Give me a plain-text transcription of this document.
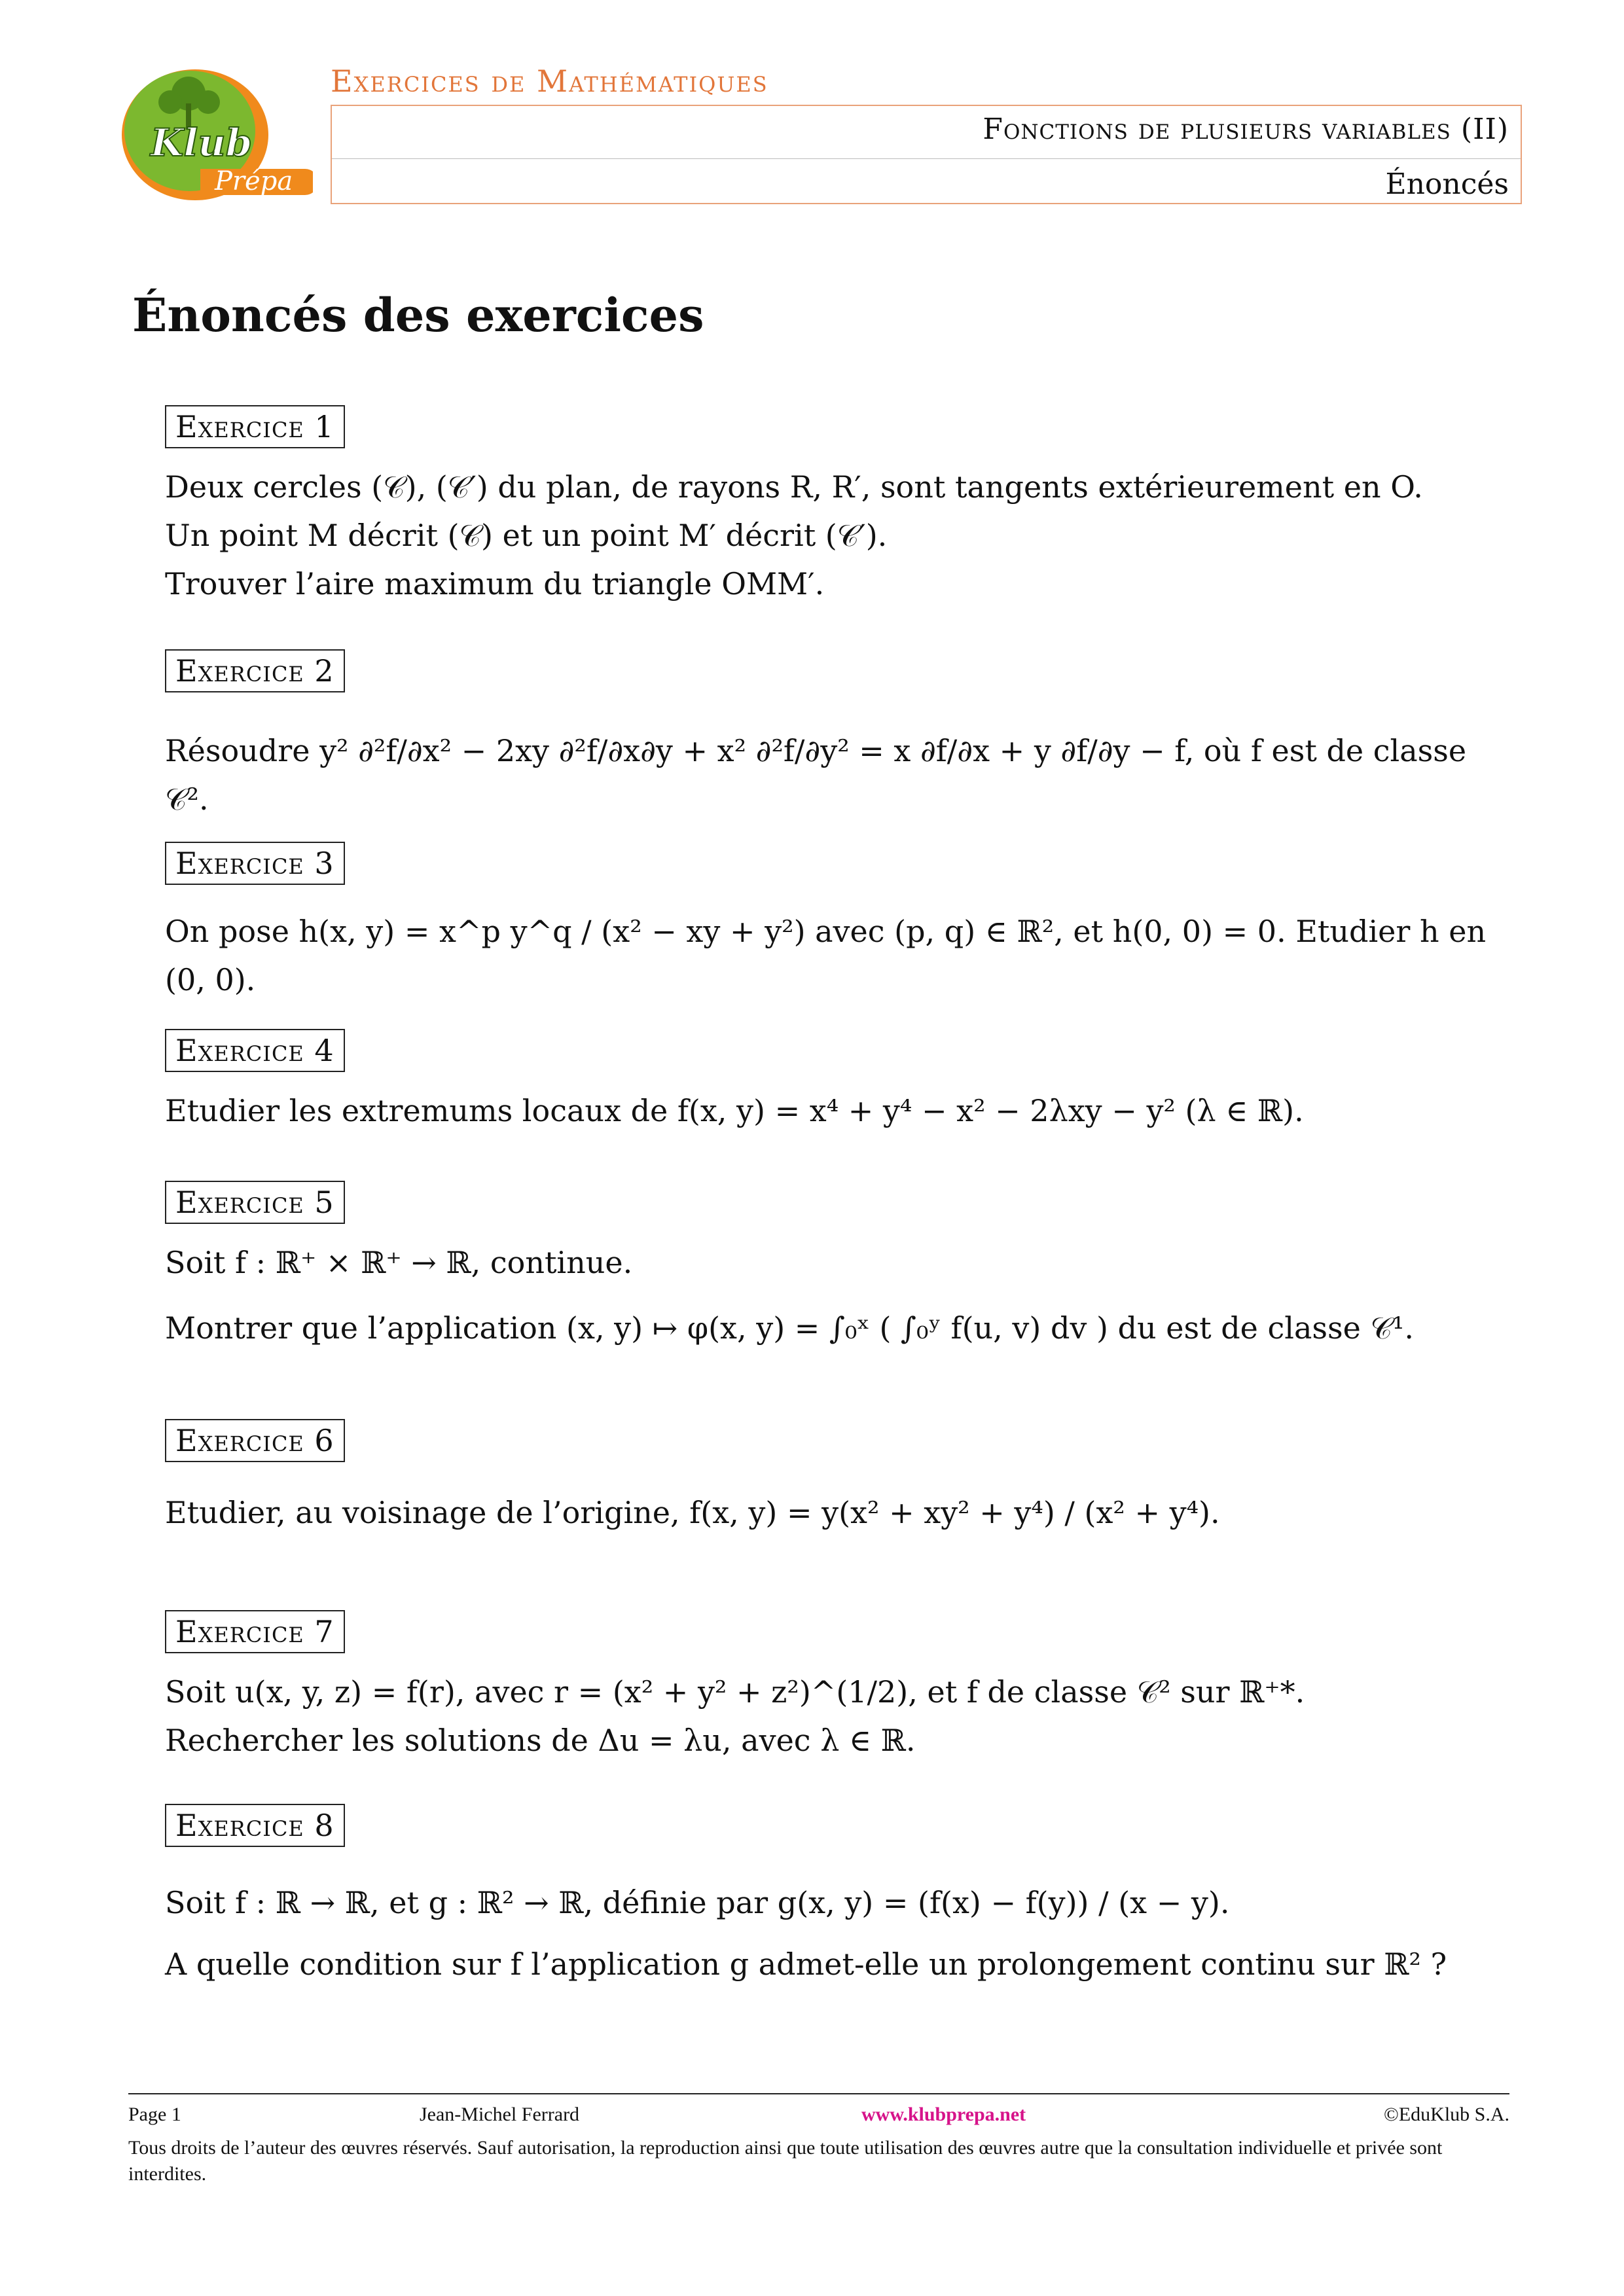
Klub
Prépa
Exercices de Mathématiques
Fonctions de plusieurs variables (II)
Énoncés
Énoncés des exercices
Exercice 1

Deux cercles (𝒞), (𝒞′) du plan, de rayons R, R′, sont tangents extérieurement en O.

Un point M décrit (𝒞) et un point M′ décrit (𝒞′).

Trouver l’aire maximum du triangle OMM′.

Exercice 2

Résoudre y² ∂²f/∂x² − 2xy ∂²f/∂x∂y + x² ∂²f/∂y² = x ∂f/∂x + y ∂f/∂y − f, où f est de classe 𝒞².

Exercice 3

On pose h(x, y) = x^p y^q / (x² − xy + y²) avec (p, q) ∈ ℝ², et h(0, 0) = 0. Etudier h en (0, 0).

Exercice 4

Etudier les extremums locaux de f(x, y) = x⁴ + y⁴ − x² − 2λxy − y² (λ ∈ ℝ).

Exercice 5

Soit f : ℝ⁺ × ℝ⁺ → ℝ, continue.

Montrer que l’application (x, y) ↦ φ(x, y) = ∫₀ˣ ( ∫₀ʸ f(u, v) dv ) du est de classe 𝒞¹.

Exercice 6

Etudier, au voisinage de l’origine, f(x, y) = y(x² + xy² + y⁴) / (x² + y⁴).

Exercice 7

Soit u(x, y, z) = f(r), avec r = (x² + y² + z²)^(1/2), et f de classe 𝒞² sur ℝ⁺*.

Rechercher les solutions de Δu = λu, avec λ ∈ ℝ.

Exercice 8

Soit f : ℝ → ℝ, et g : ℝ² → ℝ, définie par g(x, y) = (f(x) − f(y)) / (x − y).

A quelle condition sur f l’application g admet-elle un prolongement continu sur ℝ² ?

Page 1	Jean-Michel Ferrard	www.klubprepa.net	©EduKlub S.A.
Tous droits de l’auteur des œuvres réservés. Sauf autorisation, la reproduction ainsi que toute utilisation des œuvres autre que la consultation individuelle et privée sont interdites.
